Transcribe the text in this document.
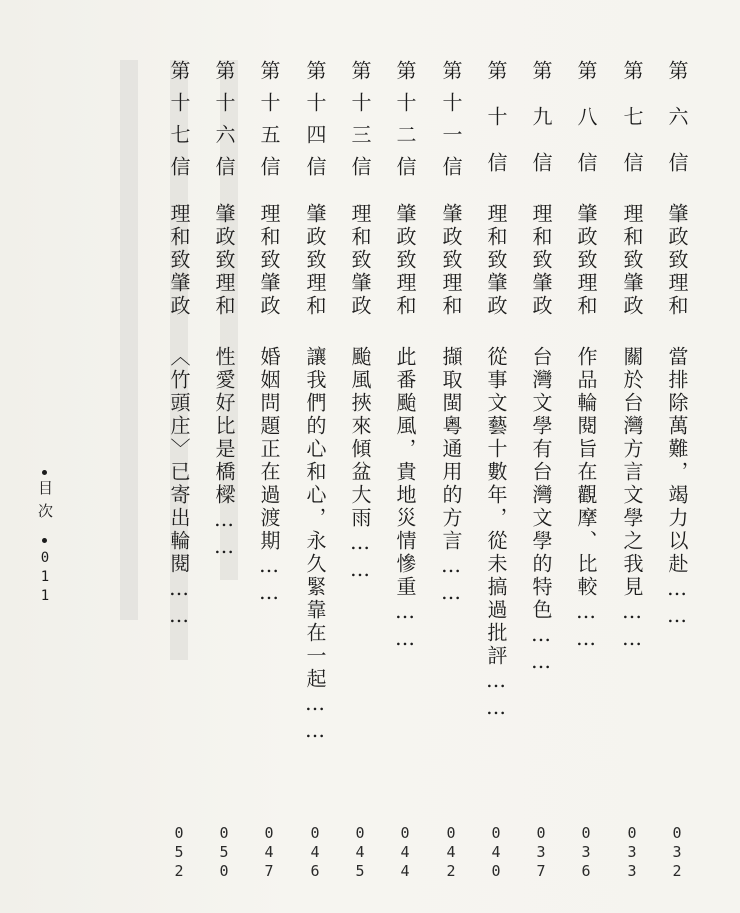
第六信
肇政致理和
當排除萬難，竭力以赴……
032
第七信
理和致肇政
關於台灣方言文學之我見……
033
第八信
肇政致理和
作品輪閱旨在觀摩、比較……
036
第九信
理和致肇政
台灣文學有台灣文學的特色……
037
第十信
理和致肇政
從事文藝十數年，從未搞過批評……
040
第十一信
肇政致理和
擷取閩粵通用的方言……
042
第十二信
肇政致理和
此番颱風，貴地災情慘重……
044
第十三信
理和致肇政
颱風挾來傾盆大雨……
045
第十四信
肇政致理和
讓我們的心和心，永久緊靠在一起……
046
第十五信
理和致肇政
婚姻問題正在過渡期……
047
第十六信
肇政致理和
性愛好比是橋樑……
050
第十七信
理和致肇政
〈竹頭庄〉已寄出輪閱……
052
目次
011
